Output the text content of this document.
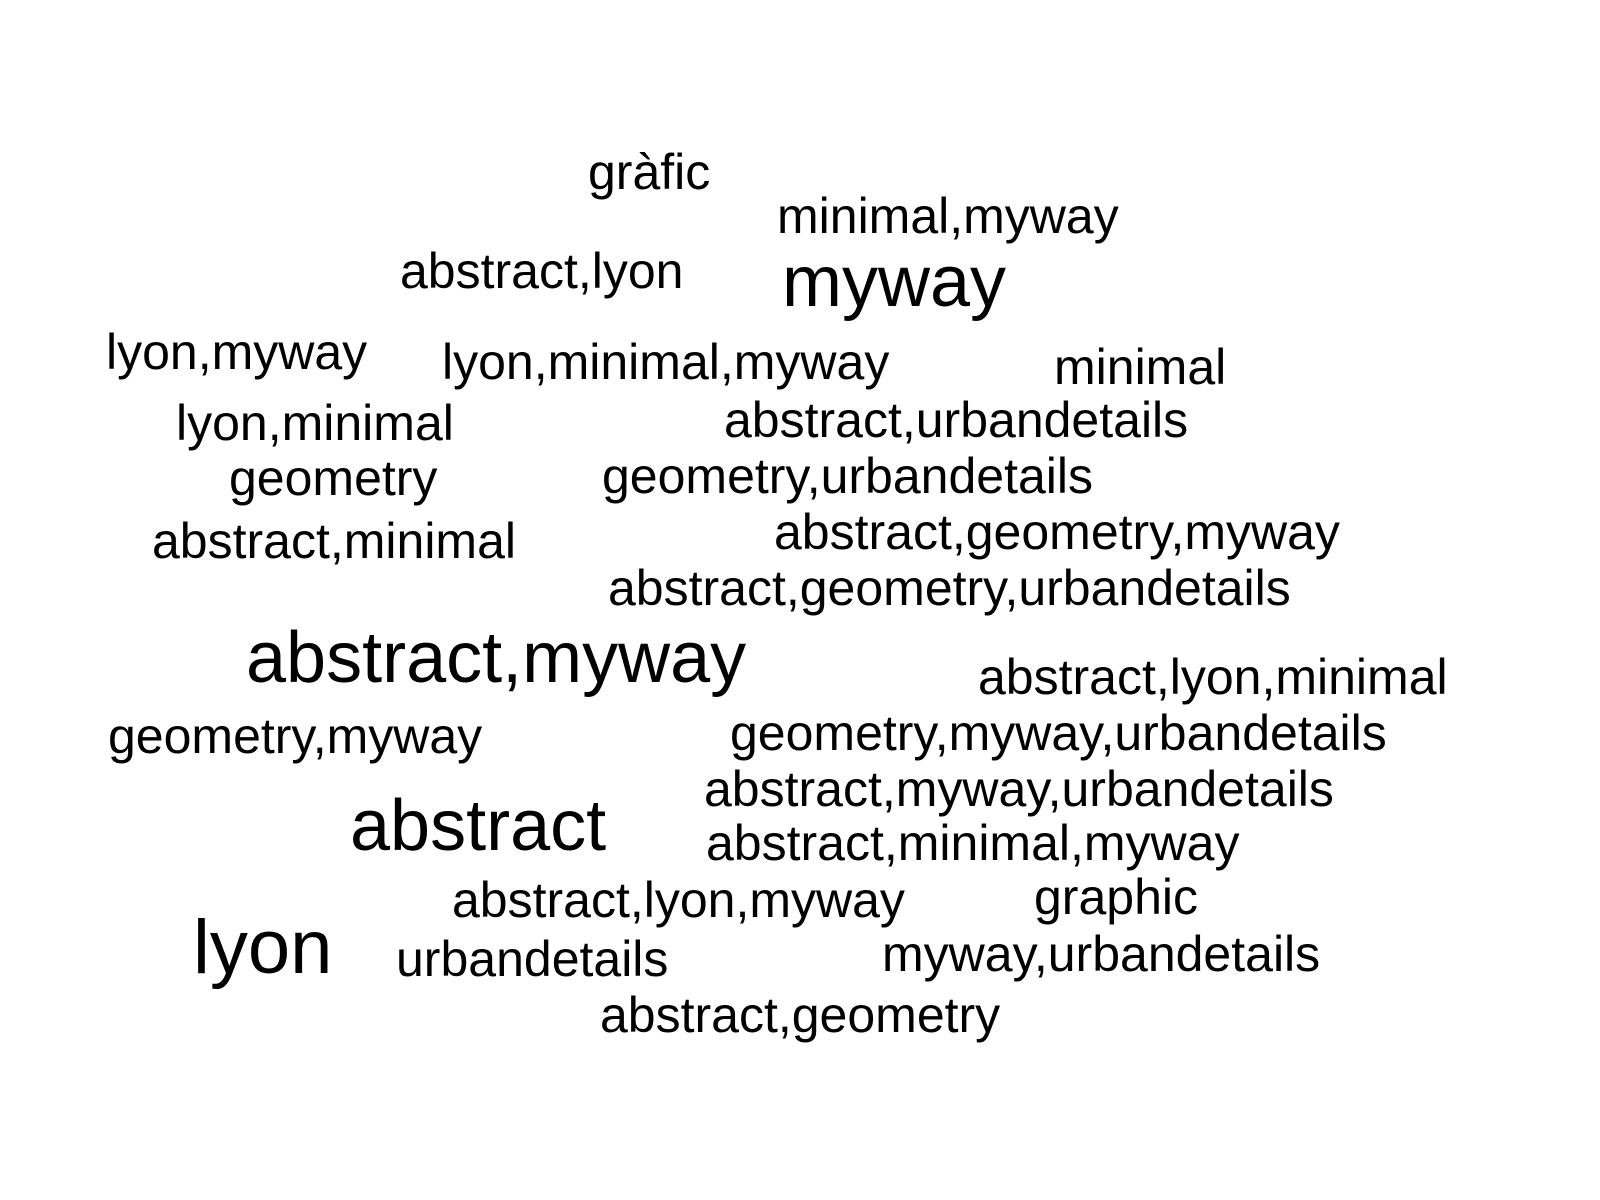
gràfic
minimal,myway
abstract,lyon myway
lyon,myway lyon,minimal,myway	minimal
lyon,minimal	abstract,urbandetails
geometry	geometry,urbandetails
abstract,geometry,myway
abstract,minimal
abstract,geometry,urbandetails
abstract,myway	abstract,lyon,minimal
geometry,myway	geometry,myway,urbandetails
abstract,myway,urbandetails
abstract abstract,minimal,myway
abstract,lyon,myway	graphic
lyon urbandetails	myway,urbandetails
abstract,geometry
